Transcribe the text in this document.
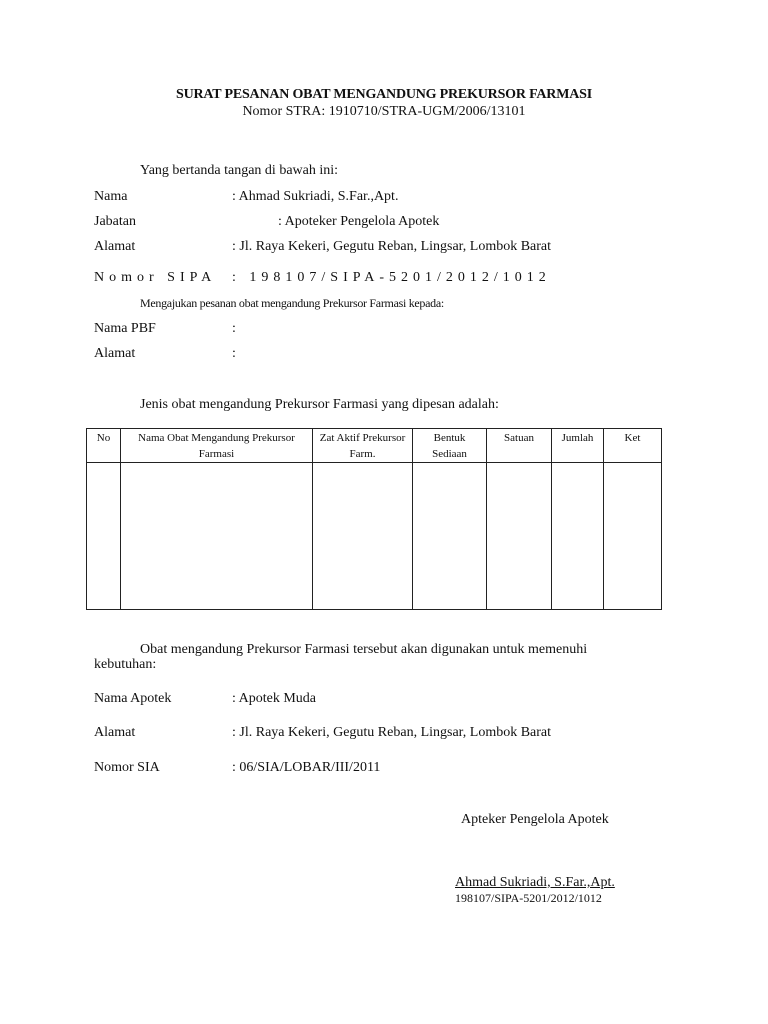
SURAT PESANAN OBAT MENGANDUNG PREKURSOR FARMASI
Nomor STRA: 1910710/STRA-UGM/2006/13101
Yang bertanda tangan di bawah ini:
Nama	: Ahmad Sukriadi, S.Far.,Apt.
Jabatan	: Apoteker Pengelola Apotek
Alamat	: Jl. Raya Kekeri, Gegutu Reban, Lingsar, Lombok Barat
Nomor SIPA : 198107/SIPA-5201/2012/1012
Mengajukan pesanan obat mengandung Prekursor Farmasi kepada:
Nama PBF	:
Alamat	:
Jenis obat mengandung Prekursor Farmasi yang dipesan adalah:
No	Nama Obat Mengandung Prekursor Farmasi	Zat Aktif Prekursor Farm.	Bentuk Sediaan	Satuan	Jumlah	Ket

Obat mengandung Prekursor Farmasi tersebut akan digunakan untuk memenuhi
kebutuhan:
Nama Apotek	: Apotek Muda
Alamat	: Jl. Raya Kekeri, Gegutu Reban, Lingsar, Lombok Barat
Nomor SIA	: 06/SIA/LOBAR/III/2011
Apteker Pengelola Apotek
Ahmad Sukriadi, S.Far.,Apt.
198107/SIPA-5201/2012/1012
